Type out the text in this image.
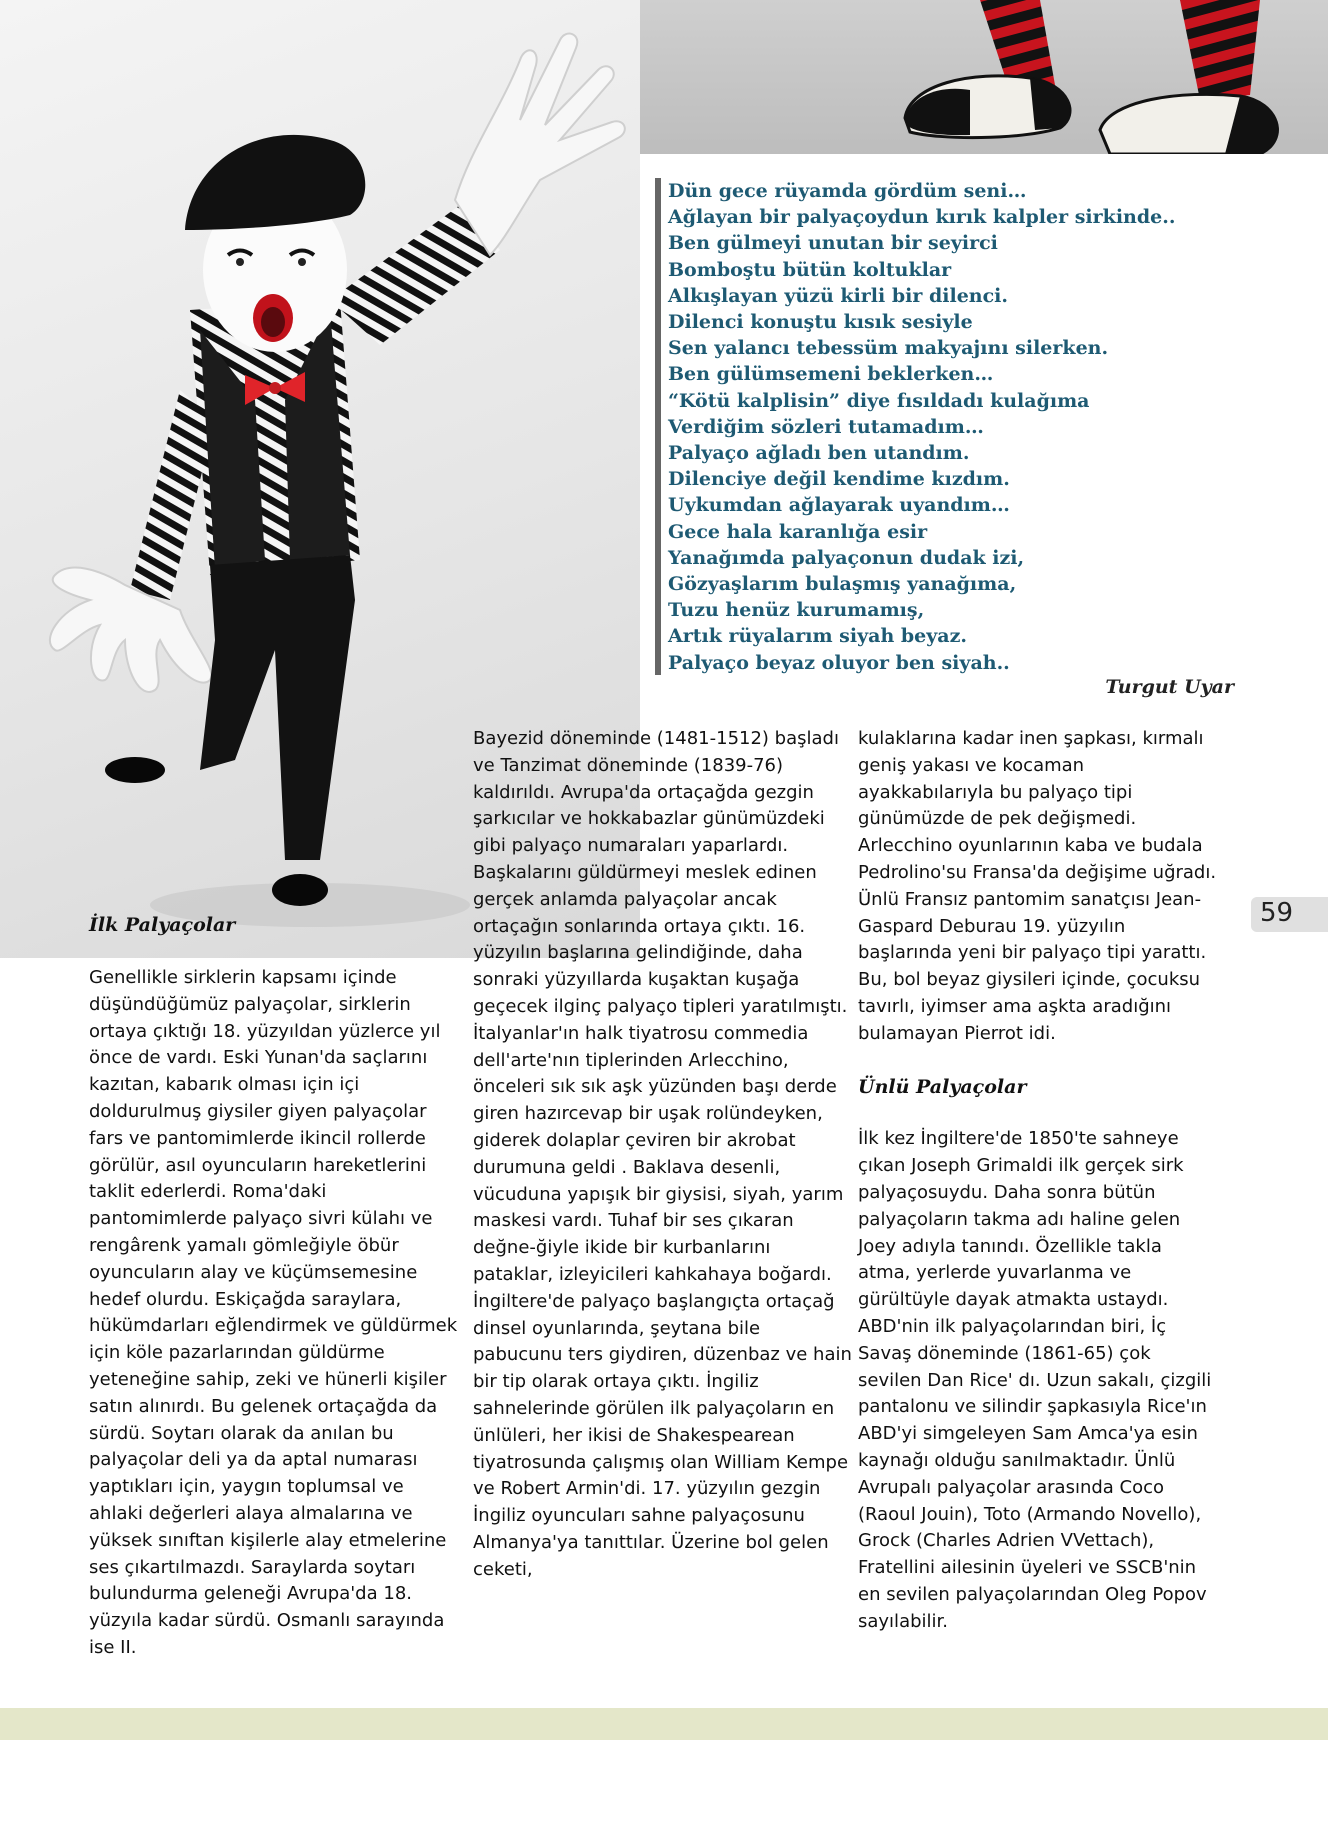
Dün gece rüyamda gördüm seni…
Ağlayan bir palyaçoydun kırık kalpler sirkinde..
Ben gülmeyi unutan bir seyirci
Bomboştu bütün koltuklar
Alkışlayan yüzü kirli bir dilenci.
Dilenci konuştu kısık sesiyle
Sen yalancı tebessüm makyajını silerken.
Ben gülümsemeni beklerken…
“Kötü kalplisin” diye fısıldadı kulağıma
Verdiğim sözleri tutamadım…
Palyaço ağladı ben utandım.
Dilenciye değil kendime kızdım.
Uykumdan ağlayarak uyandım…
Gece hala karanlığa esir
Yanağımda palyaçonun dudak izi,
Gözyaşlarım bulaşmış yanağıma,
Tuzu henüz kurumamış,
Artık rüyalarım siyah beyaz.
Palyaço beyaz oluyor ben siyah..
Turgut Uyar
İlk Palyaçolar

Genellikle sirklerin kapsamı içinde düşündüğümüz palyaçolar, sirklerin ortaya çıktığı 18. yüzyıldan yüzlerce yıl önce de vardı. Eski Yunan'da saçlarını kazıtan, kabarık olması için içi doldurulmuş giysiler giyen palyaçolar fars ve pantomimlerde ikincil rollerde görülür, asıl oyuncuların hareketlerini taklit ederlerdi. Roma'daki pantomimlerde palyaço sivri külahı ve rengârenk yamalı gömleğiyle öbür oyuncuların alay ve küçümsemesine hedef olurdu. Eskiçağda saraylara, hükümdarları eğlendirmek ve güldürmek için köle pazarlarından güldürme yeteneğine sahip, zeki ve hünerli kişiler satın alınırdı. Bu gelenek ortaçağda da sürdü. Soytarı olarak da anılan bu palyaçolar deli ya da aptal numarası yaptıkları için, yaygın toplumsal ve ahlaki değerleri alaya almalarına ve yüksek sınıftan kişilerle alay etmelerine ses çıkartılmazdı. Saraylarda soytarı bulundurma geleneği Avrupa'da 18. yüzyıla kadar sürdü. Osmanlı sarayında ise II.

Bayezid döneminde (1481-1512) başladı ve Tanzimat döneminde (1839-76) kaldırıldı. Avrupa'da ortaçağda gezgin şarkıcılar ve hokkabazlar günümüzdeki gibi palyaço numaraları yaparlardı. Başkalarını güldürmeyi meslek edinen gerçek anlamda palyaçolar ancak ortaçağın sonlarında ortaya çıktı. 16. yüzyılın başlarına gelindiğinde, daha sonraki yüzyıllarda kuşaktan kuşağa geçecek ilginç palyaço tipleri yaratılmıştı. İtalyanlar'ın halk tiyatrosu commedia dell'arte'nın tiplerinden Arlecchino, önceleri sık sık aşk yüzünden başı derde giren hazırcevap bir uşak rolündeyken, giderek dolaplar çeviren bir akrobat durumuna geldi . Baklava desenli, vücuduna yapışık bir giysisi, siyah, yarım maskesi vardı. Tuhaf bir ses çıkaran değne-ğiyle ikide bir kurbanlarını pataklar, izleyicileri kahkahaya boğardı. İngiltere'de palyaço başlangıçta ortaçağ dinsel oyunlarında, şeytana bile pabucunu ters giydiren, düzenbaz ve hain bir tip olarak ortaya çıktı. İngiliz sahnelerinde görülen ilk palyaçoların en ünlüleri, her ikisi de Shakespearean tiyatrosunda çalışmış olan William Kempe ve Robert Armin'di. 17. yüzyılın gezgin İngiliz oyuncuları sahne palyaçosunu Almanya'ya tanıttılar. Üzerine bol gelen ceketi,

kulaklarına kadar inen şapkası, kırmalı geniş yakası ve kocaman ayakkabılarıyla bu palyaço tipi günümüzde de pek değişmedi. Arlecchino oyunlarının kaba ve budala Pedrolino'su Fransa'da değişime uğradı. Ünlü Fransız pantomim sanatçısı Jean-Gaspard Deburau 19. yüzyılın başlarında yeni bir palyaço tipi yarattı. Bu, bol beyaz giysileri içinde, çocuksu tavırlı, iyimser ama aşkta aradığını bulamayan Pierrot idi.

Ünlü Palyaçolar

İlk kez İngiltere'de 1850'te sahneye çıkan Joseph Grimaldi ilk gerçek sirk palyaçosuydu. Daha sonra bütün palyaçoların takma adı haline gelen Joey adıyla tanındı. Özellikle takla atma, yerlerde yuvarlanma ve gürültüyle dayak atmakta ustaydı. ABD'nin ilk palyaçolarından biri, İç Savaş döneminde (1861-65) çok sevilen Dan Rice' dı. Uzun sakalı, çizgili pantalonu ve silindir şapkasıyla Rice'ın ABD'yi simgeleyen Sam Amca'ya esin kaynağı olduğu sanılmaktadır. Ünlü Avrupalı palyaçolar arasında Coco (Raoul Jouin), Toto (Armando Novello), Grock (Charles Adrien VVettach), Fratellini ailesinin üyeleri ve SSCB'nin en sevilen palyaçolarından Oleg Popov sayılabilir.

59
